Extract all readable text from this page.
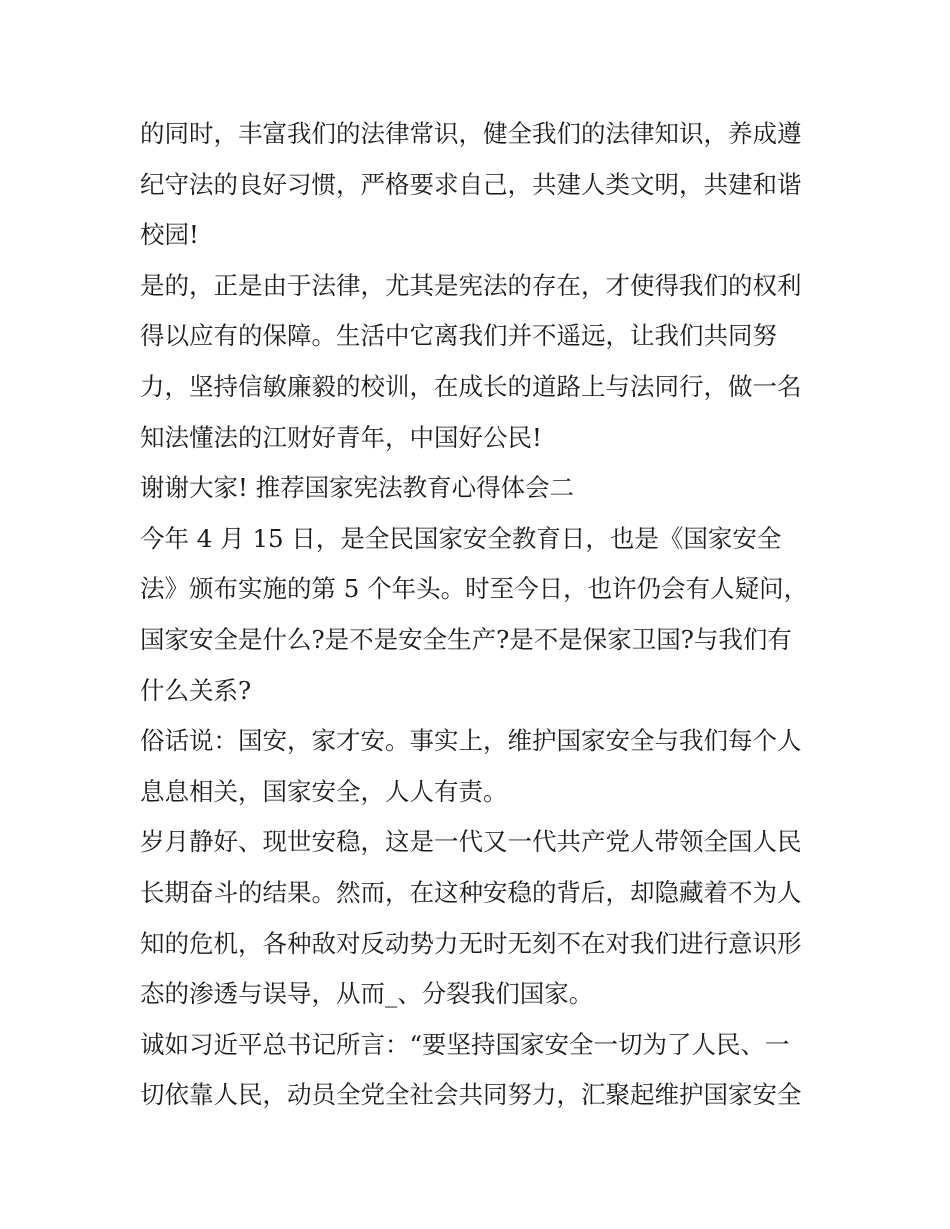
的同时，丰富我们的法律常识，健全我们的法律知识，养成遵
纪守法的良好习惯，严格要求自己，共建人类文明，共建和谐
校园!
是的，正是由于法律，尤其是宪法的存在，才使得我们的权利
得以应有的保障。生活中它离我们并不遥远，让我们共同努
力，坚持信敏廉毅的校训，在成长的道路上与法同行，做一名
知法懂法的江财好青年，中国好公民!
谢谢大家! 推荐国家宪法教育心得体会二
今年 4 月 15 日，是全民国家安全教育日，也是《国家安全
法》颁布实施的第 5 个年头。时至今日，也许仍会有人疑问，
国家安全是什么?是不是安全生产?是不是保家卫国?与我们有
什么关系?
俗话说：国安，家才安。事实上，维护国家安全与我们每个人
息息相关，国家安全，人人有责。
岁月静好、现世安稳，这是一代又一代共产党人带领全国人民
长期奋斗的结果。然而，在这种安稳的背后，却隐藏着不为人
知的危机，各种敌对反动势力无时无刻不在对我们进行意识形
态的渗透与误导，从而_、分裂我们国家。
诚如习近平总书记所言：“要坚持国家安全一切为了人民、一
切依靠人民，动员全党全社会共同努力，汇聚起维护国家安全
